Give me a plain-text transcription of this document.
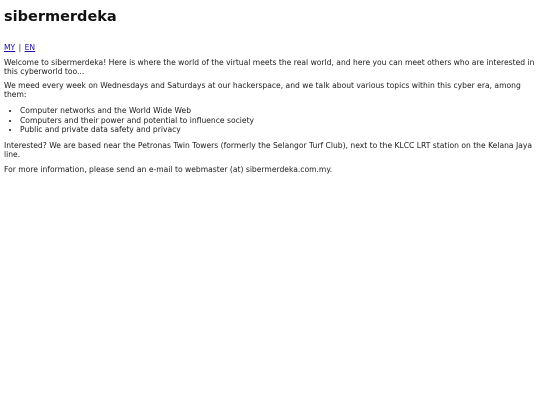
sibermerdeka
MY | EN

Welcome to sibermerdeka! Here is where the world of the virtual meets the real world, and here you can meet others who are interested in this cyberworld too...

We meed every week on Wednesdays and Saturdays at our hackerspace, and we talk about various topics within this cyber era, among them:

• Computer networks and the World Wide Web
• Computers and their power and potential to influence society
• Public and private data safety and privacy

Interested? We are based near the Petronas Twin Towers (formerly the Selangor Turf Club), next to the KLCC LRT station on the Kelana Jaya line.

For more information, please send an e-mail to webmaster (at) sibermerdeka.com.my.
